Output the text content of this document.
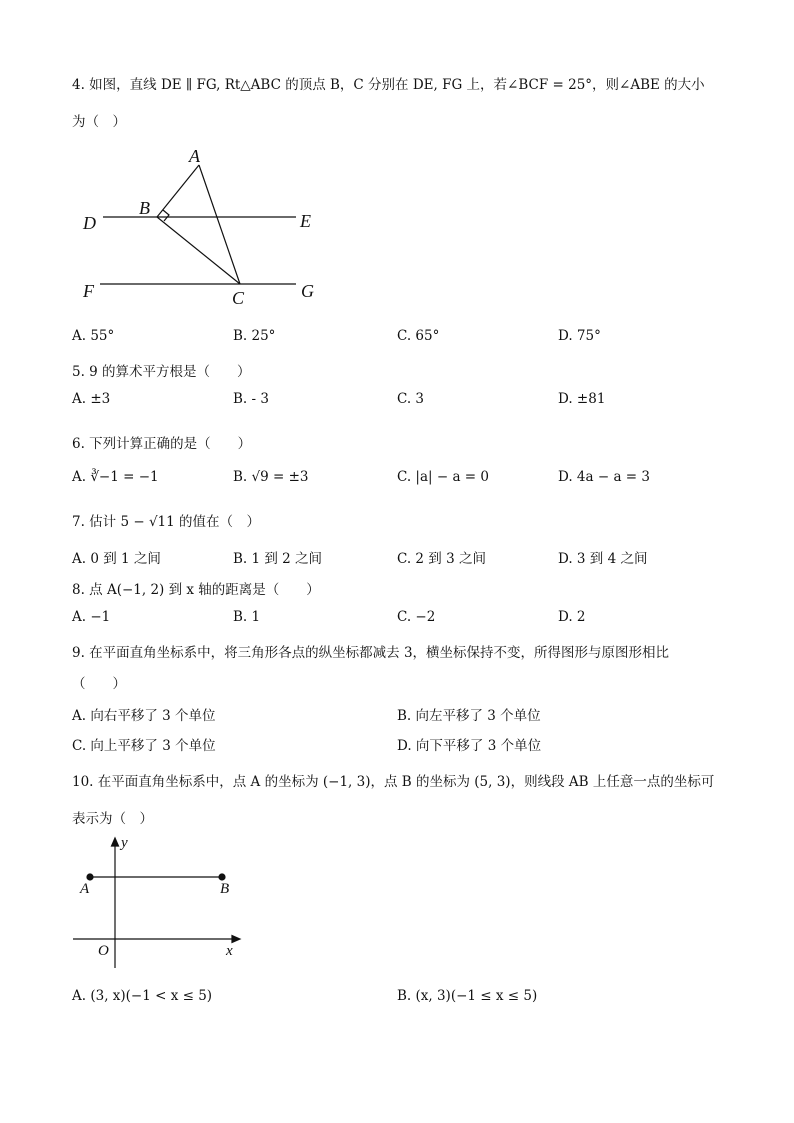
4. 如图，直线 DE ∥ FG, Rt△ABC 的顶点 B，C 分别在 DE, FG 上，若∠BCF = 25°，则∠ABE 的大小
为（　）
A
B
D	E
F	C	G
A. 55°	B. 25°	C. 65°	D. 75°
5. 9 的算术平方根是（　　）
A. ±3	B. - 3	C. 3	D. ±81
6. 下列计算正确的是（　　）
A. ∛−1 = −1	B. √9 = ±3	C. |a| − a = 0	D. 4a − a = 3
7. 估计 5 − √11 的值在（　）
A. 0 到 1 之间	B. 1 到 2 之间	C. 2 到 3 之间	D. 3 到 4 之间
8. 点 A(−1, 2) 到 x 轴的距离是（　　）
A. −1	B. 1	C. −2	D. 2
9. 在平面直角坐标系中，将三角形各点的纵坐标都减去 3，横坐标保持不变，所得图形与原图形相比
（　　）
A. 向右平移了 3 个单位	B. 向左平移了 3 个单位
C. 向上平移了 3 个单位	D. 向下平移了 3 个单位
10. 在平面直角坐标系中，点 A 的坐标为 (−1, 3)，点 B 的坐标为 (5, 3)，则线段 AB 上任意一点的坐标可
表示为（　）
y
A	B
O	x
A. (3, x)(−1 < x ≤ 5)	B. (x, 3)(−1 ≤ x ≤ 5)
